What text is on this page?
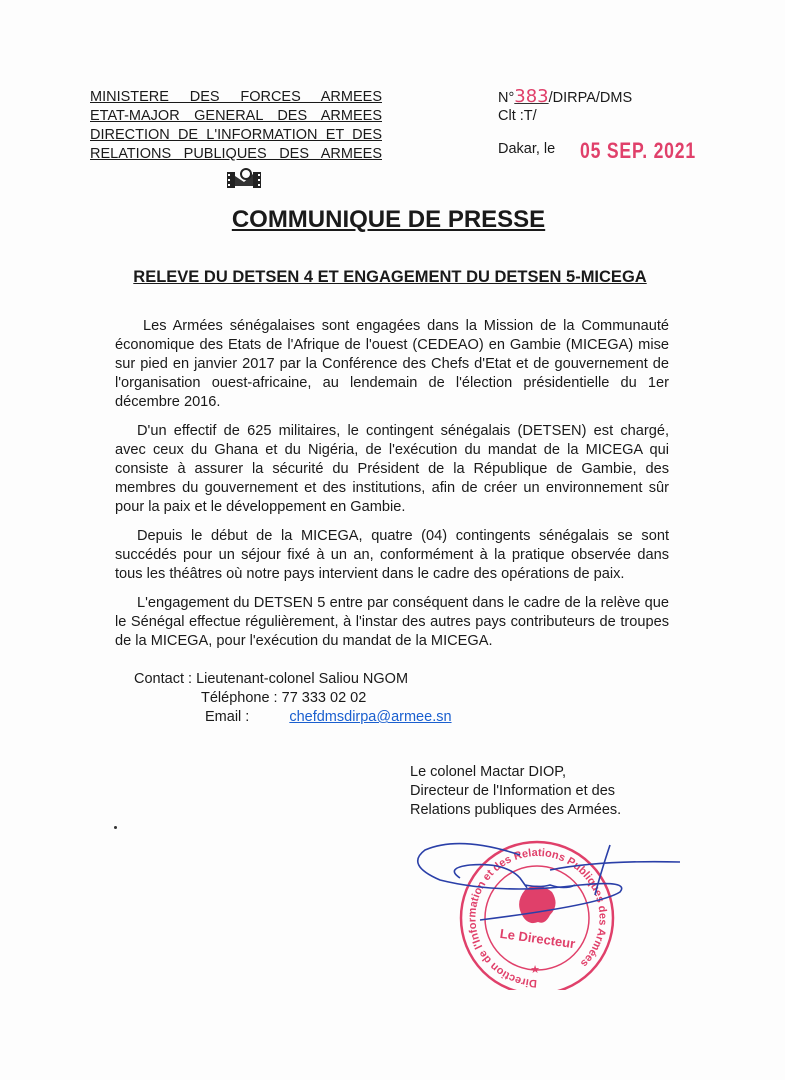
MINISTERE DES FORCES ARMEES
ETAT-MAJOR GENERAL DES ARMEES
DIRECTION DE L'INFORMATION ET DES
RELATIONS PUBLIQUES DES ARMEES
N°383/DIRPA/DMS
Clt :T/
Dakar, le 05 SEP. 2021
COMMUNIQUE DE PRESSE
RELEVE DU DETSEN 4 ET ENGAGEMENT DU DETSEN 5-MICEGA

Les Armées sénégalaises sont engagées dans la Mission de la Communauté économique des Etats de l'Afrique de l'ouest (CEDEAO) en Gambie (MICEGA) mise sur pied en janvier 2017 par la Conférence des Chefs d'Etat et de gouvernement de l'organisation ouest-africaine, au lendemain de l'élection présidentielle du 1er décembre 2016.

D'un effectif de 625 militaires, le contingent sénégalais (DETSEN) est chargé, avec ceux du Ghana et du Nigéria, de l'exécution du mandat de la MICEGA qui consiste à assurer la sécurité du Président de la République de Gambie, des membres du gouvernement et des institutions, afin de créer un environnement sûr pour la paix et le développement en Gambie.

Depuis le début de la MICEGA, quatre (04) contingents sénégalais se sont succédés pour un séjour fixé à un an, conformément à la pratique observée dans tous les théâtres où notre pays intervient dans le cadre des opérations de paix.

L'engagement du DETSEN 5 entre par conséquent dans le cadre de la relève que le Sénégal effectue régulièrement, à l'instar des autres pays contributeurs de troupes de la MICEGA, pour l'exécution du mandat de la MICEGA.

Contact : Lieutenant-colonel Saliou NGOM
Téléphone : 77 333 02 02
Email :	chefdmsdirpa@armee.sn
Le colonel Mactar DIOP,
Directeur de l'Information et des
Relations publiques des Armées.
Direction de l'Information et des Relations Publiques des Armées
Le Directeur
★
